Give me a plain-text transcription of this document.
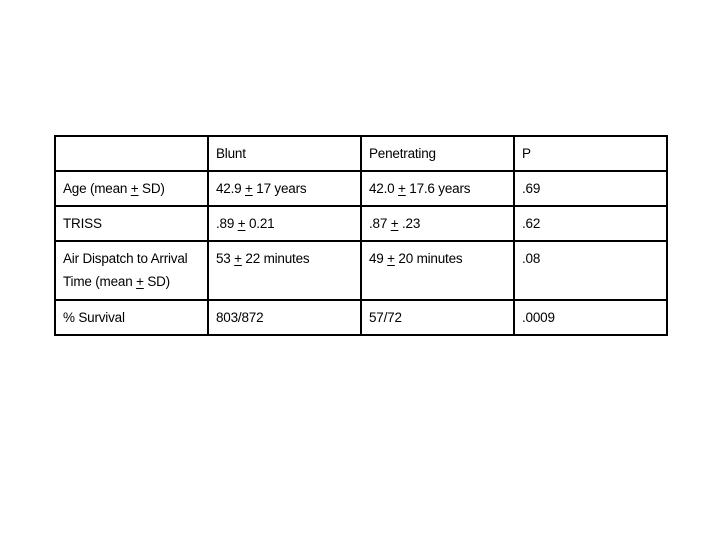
	Blunt	Penetrating	P
Age (mean + SD)	42.9 + 17 years	42.0 + 17.6 years	.69
TRISS	.89 + 0.21	.87 + .23	.62
Air Dispatch to Arrival
Time (mean + SD)	53 + 22 minutes	49 + 20 minutes	.08
% Survival	803/872	57/72	.0009
